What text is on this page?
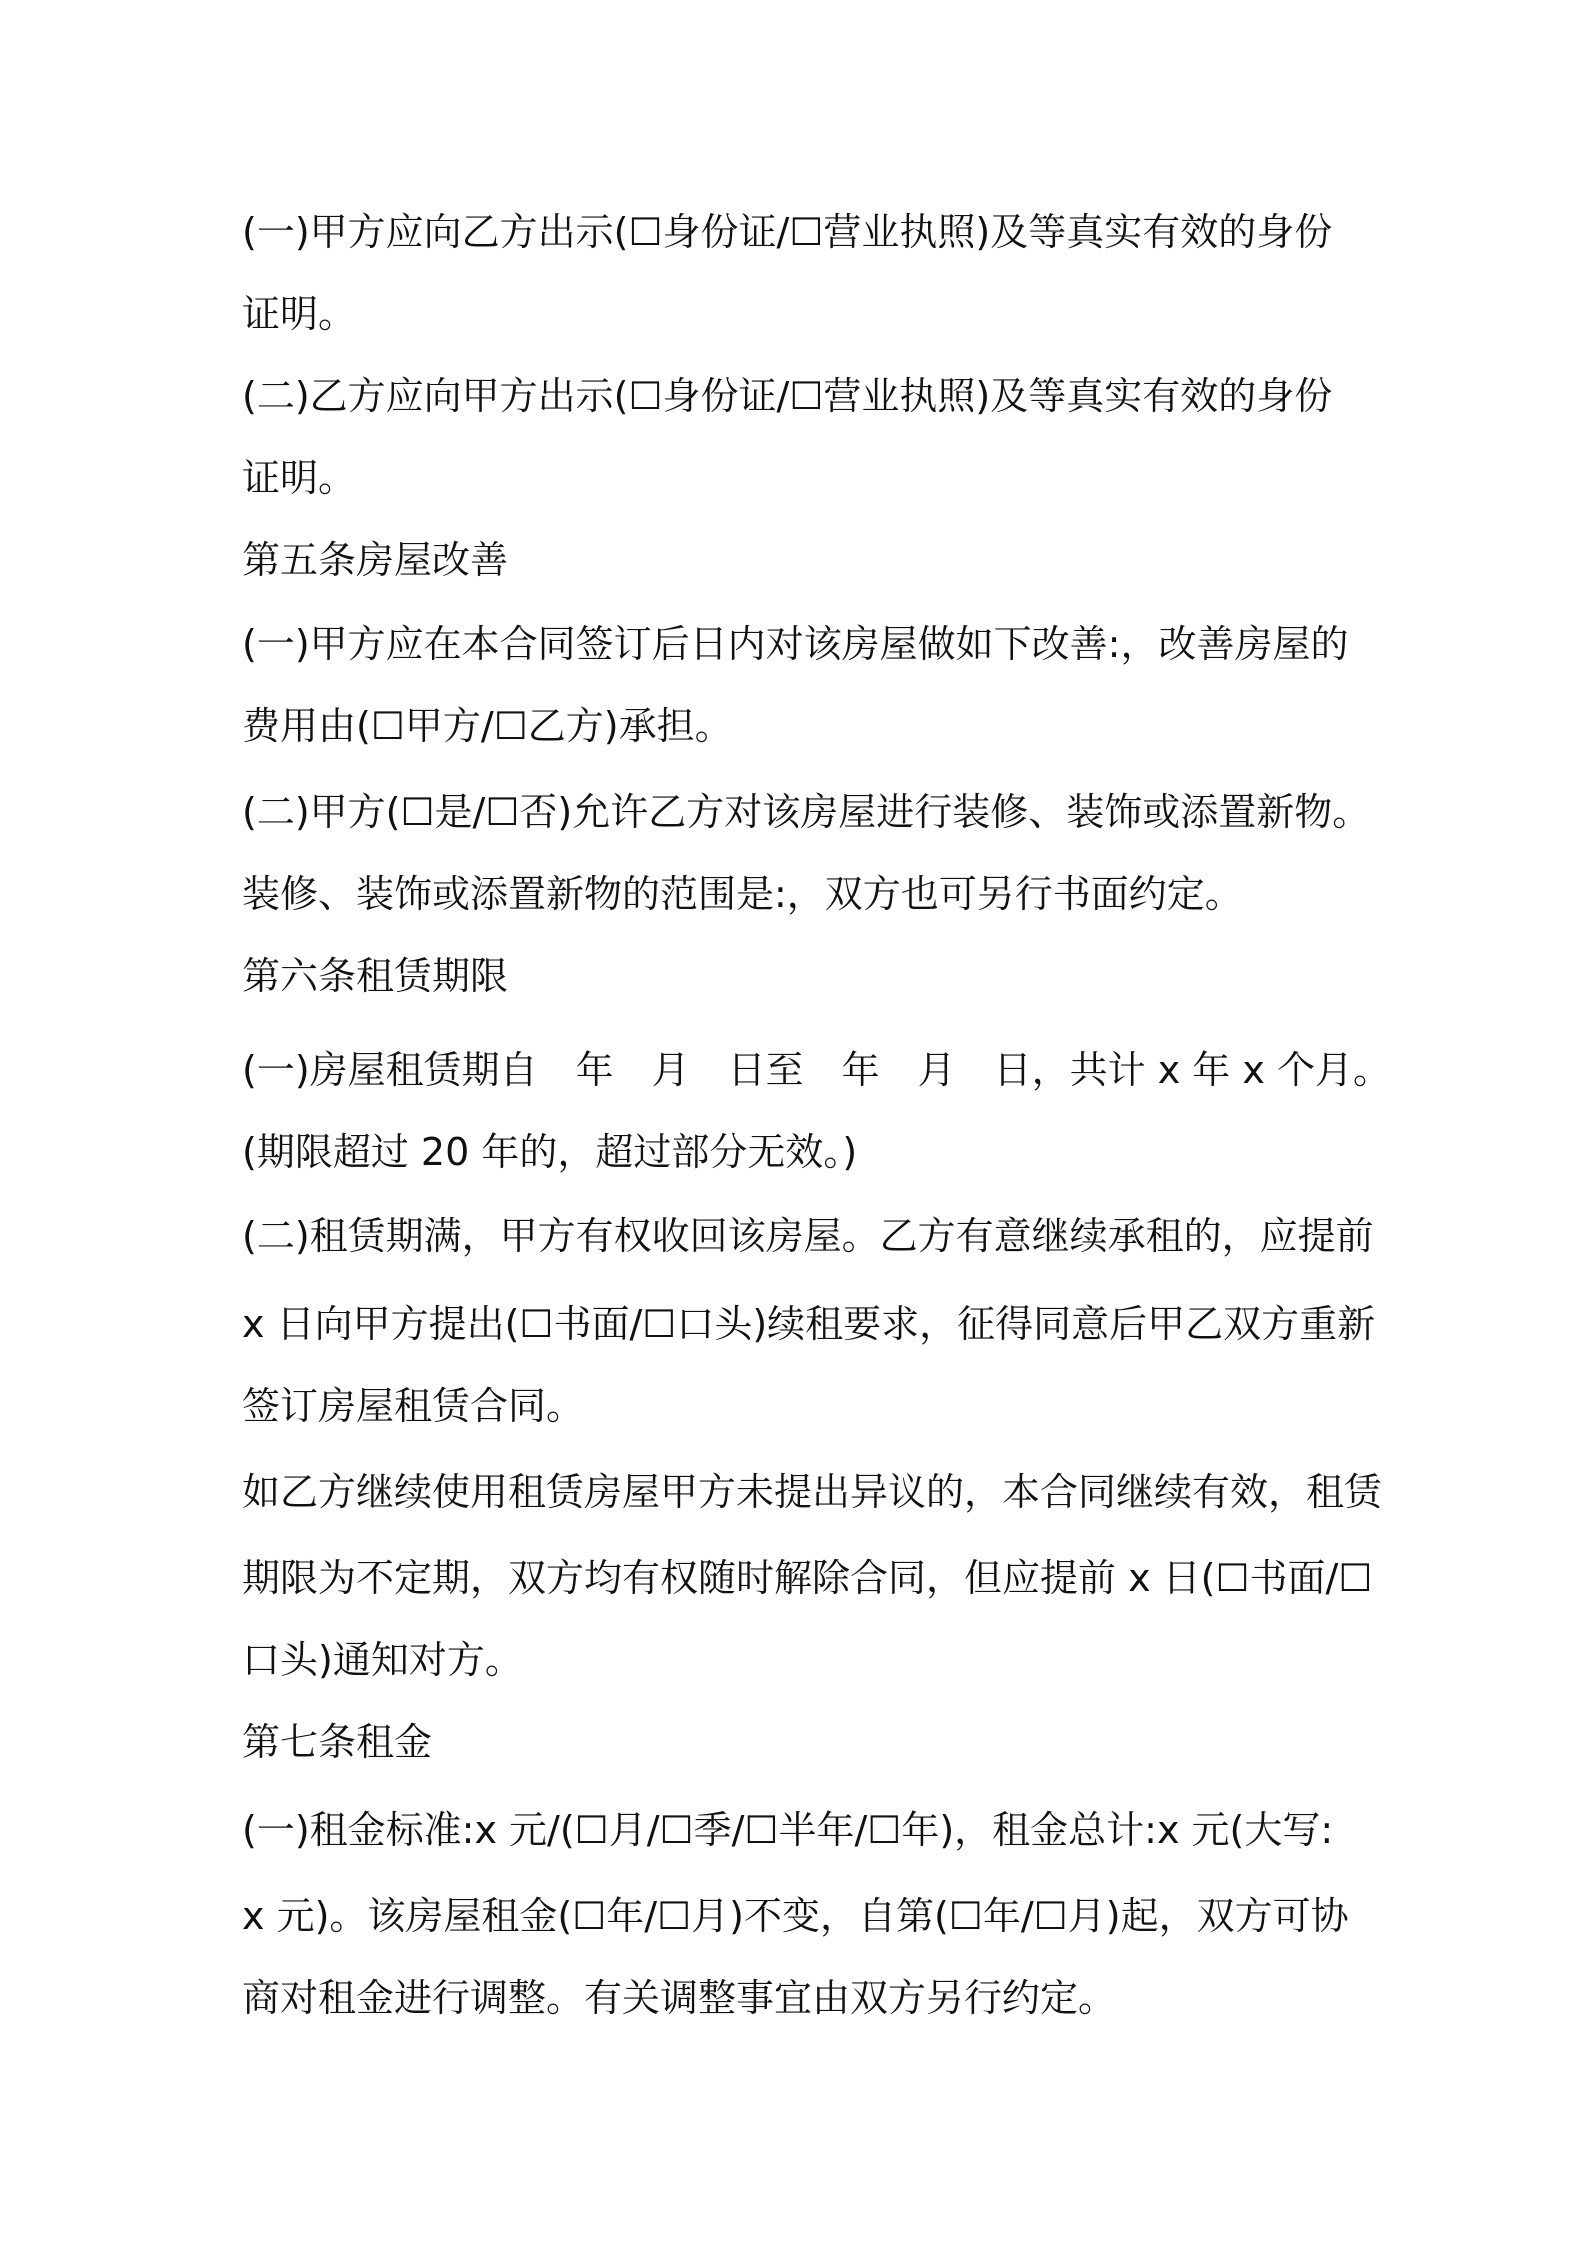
(一)甲方应向乙方出示(☐身份证/☐营业执照)及等真实有效的身份

证明。

(二)乙方应向甲方出示(☐身份证/☐营业执照)及等真实有效的身份

证明。

第五条房屋改善

(一)甲方应在本合同签订后日内对该房屋做如下改善:，改善房屋的

费用由(☐甲方/☐乙方)承担。

(二)甲方(☐是/☐否)允许乙方对该房屋进行装修、装饰或添置新物。

装修、装饰或添置新物的范围是:，双方也可另行书面约定。

第六条租赁期限

(一)房屋租赁期自　年　月　日至　年　月　日，共计 x 年 x 个月。

(期限超过 20 年的，超过部分无效。)

(二)租赁期满，甲方有权收回该房屋。乙方有意继续承租的，应提前

x 日向甲方提出(☐书面/☐口头)续租要求，征得同意后甲乙双方重新

签订房屋租赁合同。

如乙方继续使用租赁房屋甲方未提出异议的，本合同继续有效，租赁

期限为不定期，双方均有权随时解除合同，但应提前 x 日(☐书面/☐

口头)通知对方。

第七条租金

(一)租金标准:x 元/(☐月/☐季/☐半年/☐年)，租金总计:x 元(大写:

x 元)。该房屋租金(☐年/☐月)不变，自第(☐年/☐月)起，双方可协

商对租金进行调整。有关调整事宜由双方另行约定。
